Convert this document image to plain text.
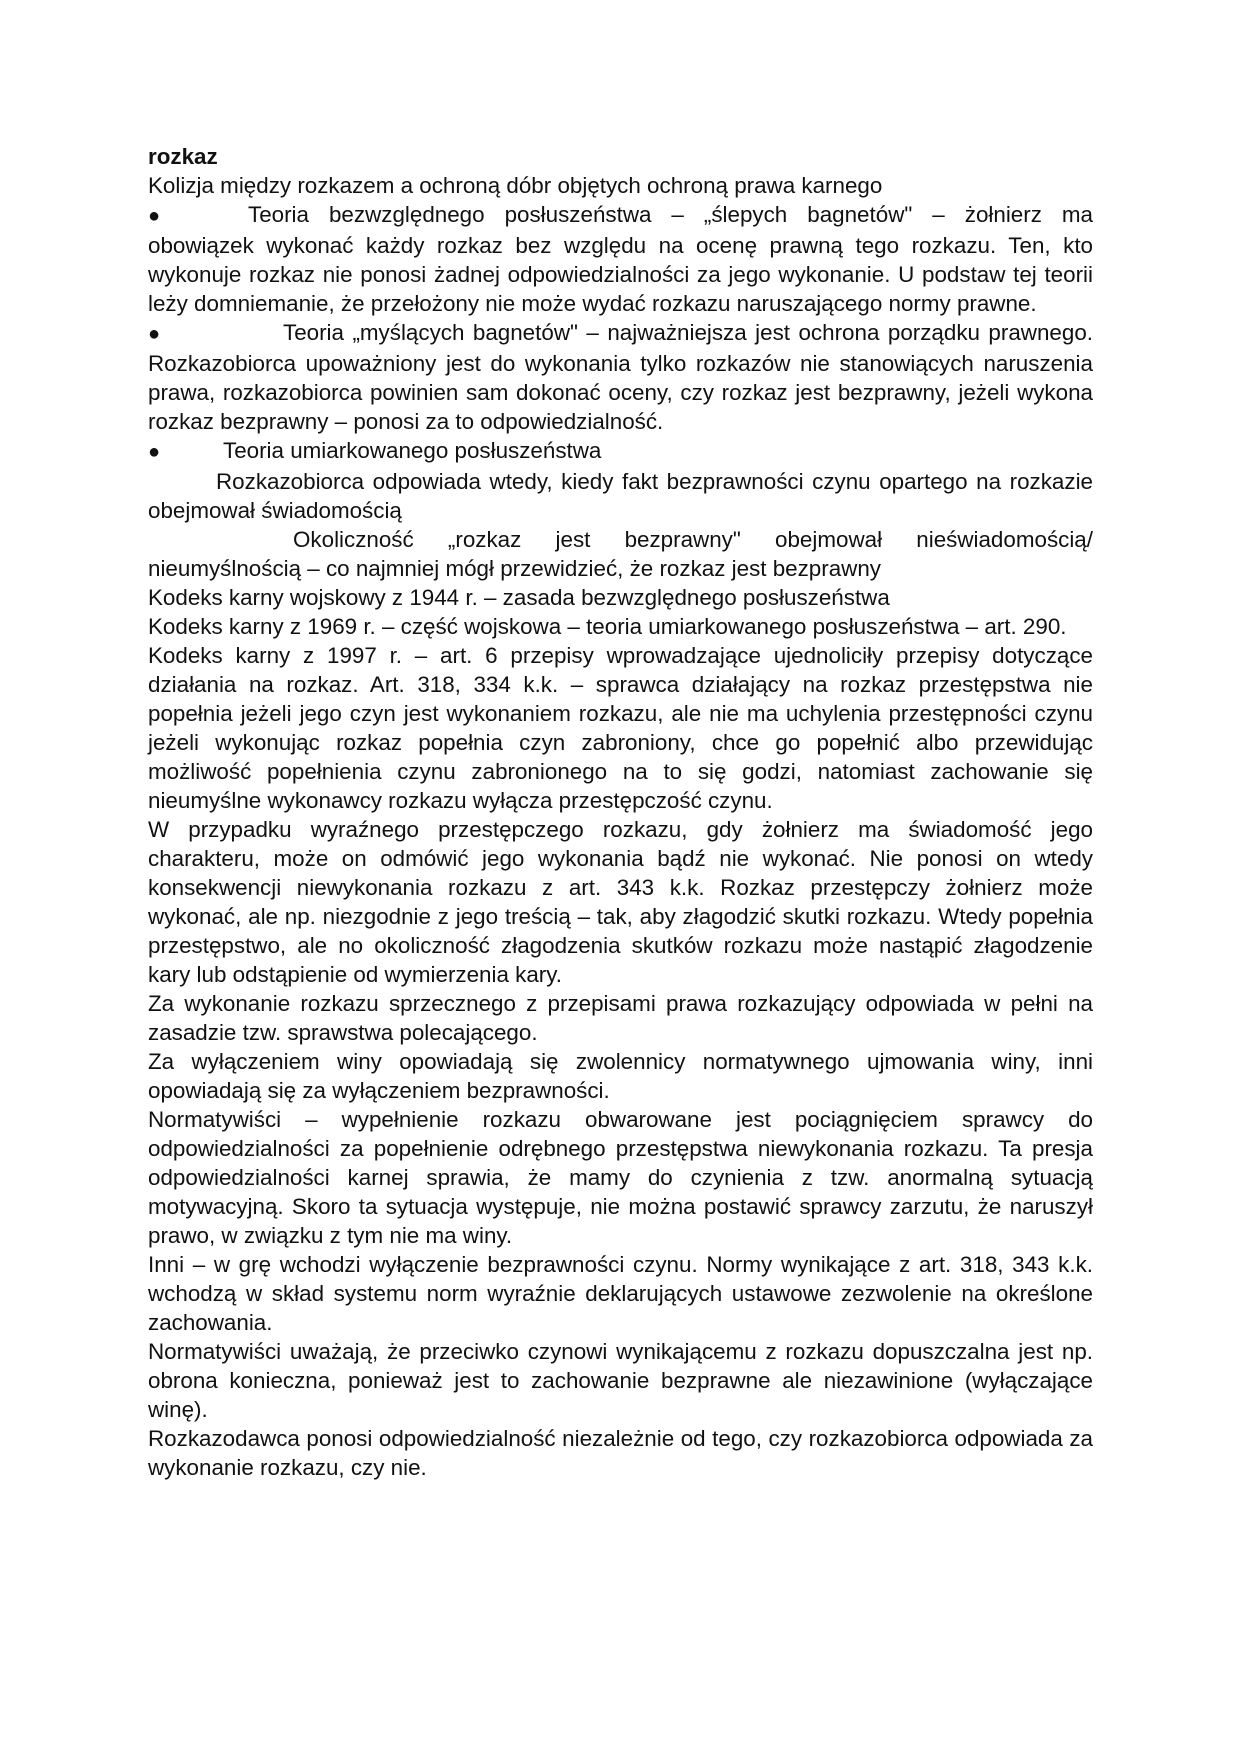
rozkaz

Kolizja między rozkazem a ochroną dóbr objętych ochroną prawa karnego

●	Teoria bezwzględnego posłuszeństwa – „ślepych bagnetów" – żołnierz ma obowiązek wykonać każdy rozkaz bez względu na ocenę prawną tego rozkazu. Ten, kto wykonuje rozkaz nie ponosi żadnej odpowiedzialności za jego wykonanie. U podstaw tej teorii leży domniemanie, że przełożony nie może wydać rozkazu naruszającego normy prawne.

●	Teoria „myślących bagnetów" – najważniejsza jest ochrona porządku prawnego. Rozkazobiorca upoważniony jest do wykonania tylko rozkazów nie stanowiących naruszenia prawa, rozkazobiorca powinien sam dokonać oceny, czy rozkaz jest bezprawny, jeżeli wykona rozkaz bezprawny – ponosi za to odpowiedzialność.

●	Teoria umiarkowanego posłuszeństwa

Rozkazobiorca odpowiada wtedy, kiedy fakt bezprawności czynu opartego na rozkazie obejmował świadomością

Okoliczność „rozkaz jest bezprawny" obejmował nieświadomością/ nieumyślnością – co najmniej mógł przewidzieć, że rozkaz jest bezprawny

Kodeks karny wojskowy z 1944 r. – zasada bezwzględnego posłuszeństwa

Kodeks karny z 1969 r. – część wojskowa – teoria umiarkowanego posłuszeństwa – art. 290.

Kodeks karny z 1997 r. – art. 6 przepisy wprowadzające ujednoliciły przepisy dotyczące działania na rozkaz. Art. 318, 334 k.k. – sprawca działający na rozkaz przestępstwa nie popełnia jeżeli jego czyn jest wykonaniem rozkazu, ale nie ma uchylenia przestępności czynu jeżeli wykonując rozkaz popełnia czyn zabroniony, chce go popełnić albo przewidując możliwość popełnienia czynu zabronionego na to się godzi, natomiast zachowanie się nieumyślne wykonawcy rozkazu wyłącza przestępczość czynu.

W przypadku wyraźnego przestępczego rozkazu, gdy żołnierz ma świadomość jego charakteru, może on odmówić jego wykonania bądź nie wykonać. Nie ponosi on wtedy konsekwencji niewykonania rozkazu z art. 343 k.k. Rozkaz przestępczy żołnierz może wykonać, ale np. niezgodnie z jego treścią – tak, aby złagodzić skutki rozkazu. Wtedy popełnia przestępstwo, ale no okoliczność złagodzenia skutków rozkazu może nastąpić złagodzenie kary lub odstąpienie od wymierzenia kary.

Za wykonanie rozkazu sprzecznego z przepisami prawa rozkazujący odpowiada w pełni na zasadzie tzw. sprawstwa polecającego.

Za wyłączeniem winy opowiadają się zwolennicy normatywnego ujmowania winy, inni opowiadają się za wyłączeniem bezprawności.

Normatywiści – wypełnienie rozkazu obwarowane jest pociągnięciem sprawcy do odpowiedzialności za popełnienie odrębnego przestępstwa niewykonania rozkazu. Ta presja odpowiedzialności karnej sprawia, że mamy do czynienia z tzw. anormalną sytuacją motywacyjną. Skoro ta sytuacja występuje, nie można postawić sprawcy zarzutu, że naruszył prawo, w związku z tym nie ma winy.

Inni – w grę wchodzi wyłączenie bezprawności czynu. Normy wynikające z art. 318, 343 k.k. wchodzą w skład systemu norm wyraźnie deklarujących ustawowe zezwolenie na określone zachowania.

Normatywiści uważają, że przeciwko czynowi wynikającemu z rozkazu dopuszczalna jest np. obrona konieczna, ponieważ jest to zachowanie bezprawne ale niezawinione (wyłączające winę).

Rozkazodawca ponosi odpowiedzialność niezależnie od tego, czy rozkazobiorca odpowiada za wykonanie rozkazu, czy nie.
